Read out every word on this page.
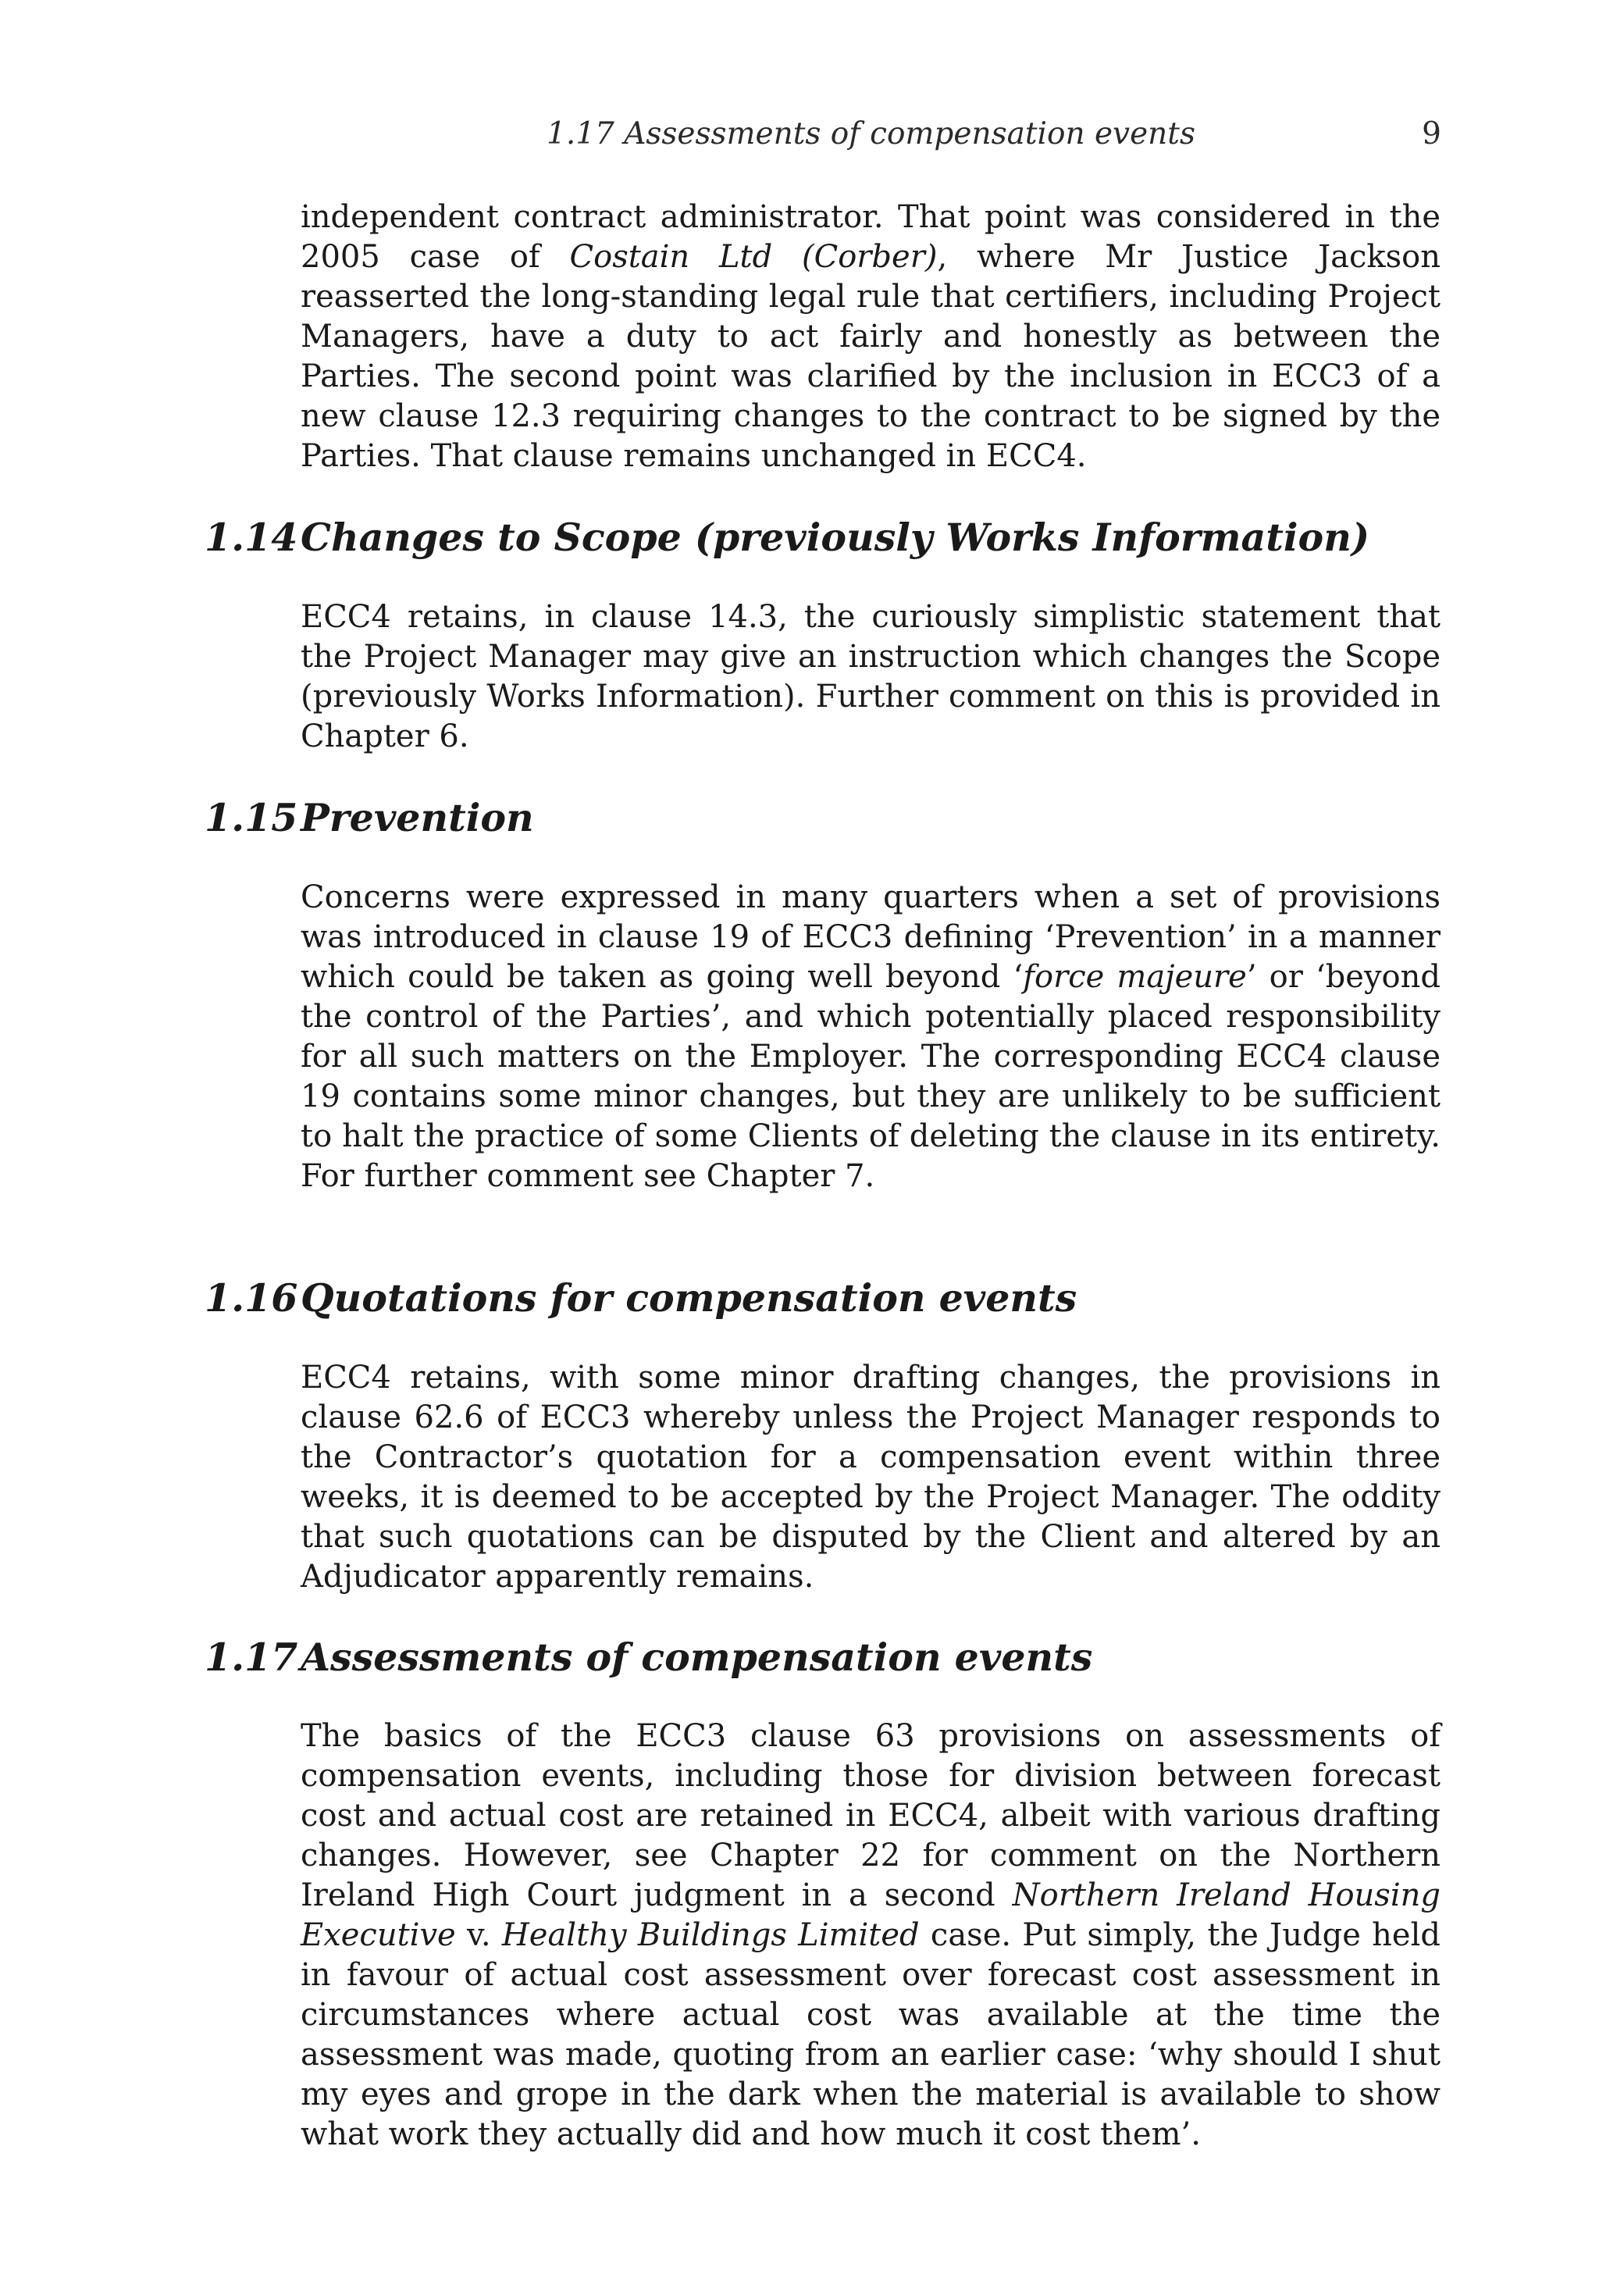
1.17 Assessments of compensation events	9

independent contract administrator. That point was considered in the 2005 case of Costain Ltd (Corber), where Mr Justice Jackson reasserted the long-standing legal rule that certifiers, including Project Managers, have a duty to act fairly and honestly as between the Parties. The second point was clarified by the inclusion in ECC3 of a new clause 12.3 requiring changes to the contract to be signed by the Parties. That clause remains unchanged in ECC4.

1.14Changes to Scope (previously Works Information)

ECC4 retains, in clause 14.3, the curiously simplistic statement that the Project Manager may give an instruction which changes the Scope (previously Works Information). Further comment on this is provided in Chapter 6.

1.15Prevention

Concerns were expressed in many quarters when a set of provisions was introduced in clause 19 of ECC3 defining ‘Prevention’ in a manner which could be taken as going well beyond ‘force majeure’ or ‘beyond the control of the Parties’, and which potentially placed responsibility for all such matters on the Employer. The corresponding ECC4 clause 19 contains some minor changes, but they are unlikely to be sufficient to halt the practice of some Clients of deleting the clause in its entirety. For further comment see Chapter 7.

1.16Quotations for compensation events

ECC4 retains, with some minor drafting changes, the provisions in clause 62.6 of ECC3 whereby unless the Project Manager responds to the Contractor’s quotation for a compensation event within three weeks, it is deemed to be accepted by the Project Manager. The oddity that such quotations can be disputed by the Client and altered by an Adjudicator apparently remains.

1.17Assessments of compensation events

The basics of the ECC3 clause 63 provisions on assessments of compensation events, including those for division between forecast cost and actual cost are retained in ECC4, albeit with various drafting changes. However, see Chapter 22 for comment on the Northern Ireland High Court judgment in a second Northern Ireland Housing Executive v. Healthy Buildings Limited case. Put simply, the Judge held in favour of actual cost assessment over forecast cost assessment in circumstances where actual cost was available at the time the assessment was made, quoting from an earlier case: ‘why should I shut my eyes and grope in the dark when the material is available to show what work they actually did and how much it cost them’.
